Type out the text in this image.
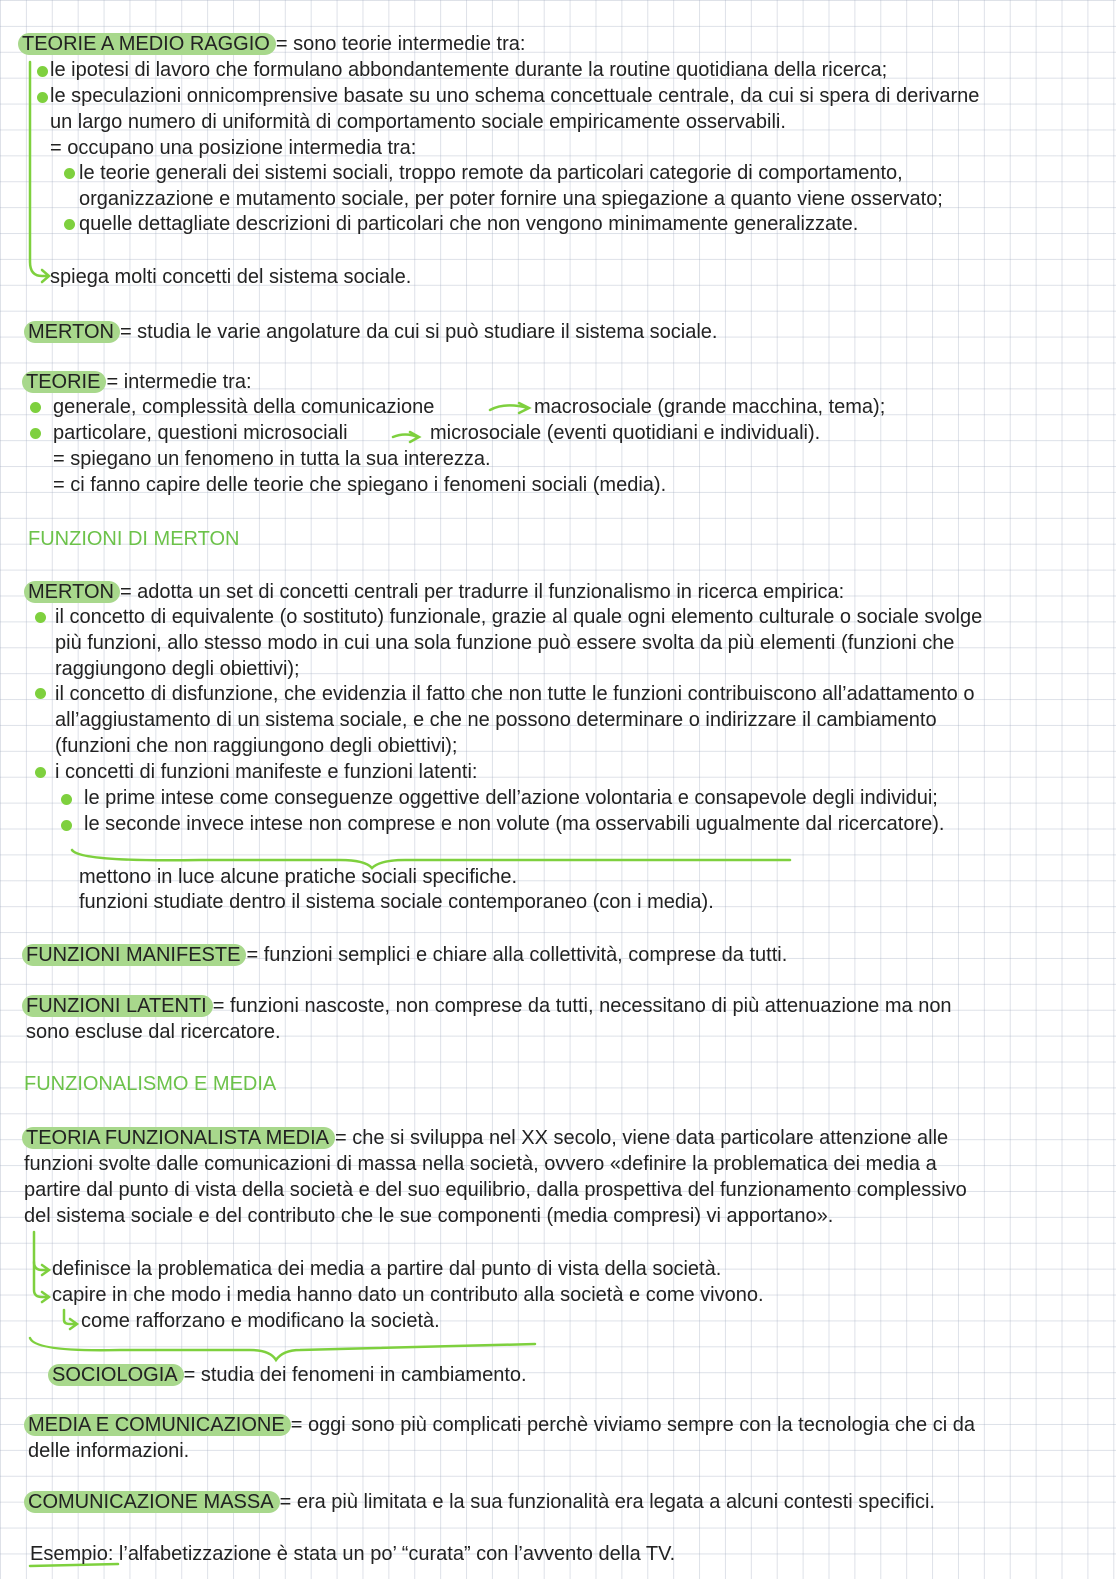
TEORIE A MEDIO RAGGIO = sono teorie intermedie tra:
le ipotesi di lavoro che formulano abbondantemente durante la routine quotidiana della ricerca;
le speculazioni onnicomprensive basate su uno schema concettuale centrale, da cui si spera di derivarne
un largo numero di uniformità di comportamento sociale empiricamente osservabili.
= occupano una posizione intermedia tra:
le teorie generali dei sistemi sociali, troppo remote da particolari categorie di comportamento,
organizzazione e mutamento sociale, per poter fornire una spiegazione a quanto viene osservato;
quelle dettagliate descrizioni di particolari che non vengono minimamente generalizzate.
spiega molti concetti del sistema sociale.
MERTON = studia le varie angolature da cui si può studiare il sistema sociale.
TEORIE = intermedie tra:
generale, complessità della comunicazione	macrosociale (grande macchina, tema);
particolare, questioni microsociali	microsociale (eventi quotidiani e individuali).
= spiegano un fenomeno in tutta la sua interezza.
= ci fanno capire delle teorie che spiegano i fenomeni sociali (media).
FUNZIONI DI MERTON
MERTON = adotta un set di concetti centrali per tradurre il funzionalismo in ricerca empirica:
il concetto di equivalente (o sostituto) funzionale, grazie al quale ogni elemento culturale o sociale svolge
più funzioni, allo stesso modo in cui una sola funzione può essere svolta da più elementi (funzioni che
raggiungono degli obiettivi);
il concetto di disfunzione, che evidenzia il fatto che non tutte le funzioni contribuiscono all’adattamento o
all’aggiustamento di un sistema sociale, e che ne possono determinare o indirizzare il cambiamento
(funzioni che non raggiungono degli obiettivi);
i concetti di funzioni manifeste e funzioni latenti:
le prime intese come conseguenze oggettive dell’azione volontaria e consapevole degli individui;
le seconde invece intese non comprese e non volute (ma osservabili ugualmente dal ricercatore).
mettono in luce alcune pratiche sociali specifiche.
funzioni studiate dentro il sistema sociale contemporaneo (con i media).
FUNZIONI MANIFESTE = funzioni semplici e chiare alla collettività, comprese da tutti.
FUNZIONI LATENTI = funzioni nascoste, non comprese da tutti, necessitano di più attenuazione ma non
sono escluse dal ricercatore.
FUNZIONALISMO E MEDIA
TEORIA FUNZIONALISTA MEDIA = che si sviluppa nel XX secolo, viene data particolare attenzione alle
funzioni svolte dalle comunicazioni di massa nella società, ovvero «definire la problematica dei media a
partire dal punto di vista della società e del suo equilibrio, dalla prospettiva del funzionamento complessivo
del sistema sociale e del contributo che le sue componenti (media compresi) vi apportano».
definisce la problematica dei media a partire dal punto di vista della società.
capire in che modo i media hanno dato un contributo alla società e come vivono.
come rafforzano e modificano la società.
SOCIOLOGIA = studia dei fenomeni in cambiamento.
MEDIA E COMUNICAZIONE = oggi sono più complicati perchè viviamo sempre con la tecnologia che ci da
delle informazioni.
COMUNICAZIONE MASSA = era più limitata e la sua funzionalità era legata a alcuni contesti specifici.
Esempio: l’alfabetizzazione è stata un po’ “curata” con l’avvento della TV.
